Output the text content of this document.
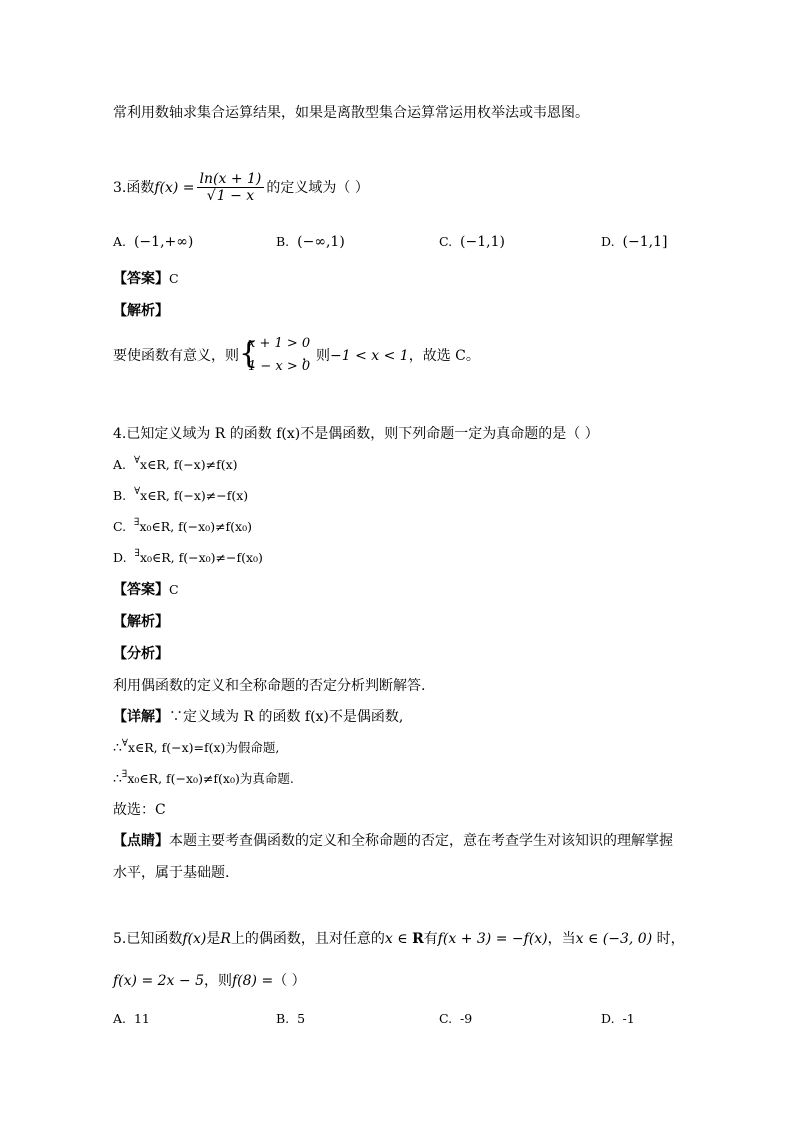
常利用数轴求集合运算结果，如果是离散型集合运算常运用枚举法或韦恩图。
3.函数$f(x) = \frac{\ln(x + 1)}{√1 - x}$ 的定义域为（ ）
A. (−1,+∞)	B. (−∞,1)	C. (−1,1)	D. (−1,1]
【答案】C
【解析】
要使函数有意义，则 {
x + 1 > 0
1 − x > 0
，则−1 < x < 1，故选 C。
4.已知定义域为 R 的函数 f(x)不是偶函数，则下列命题一定为真命题的是（ ）
A. ∀x∈R, f(−x)≠f(x)
B. ∀x∈R, f(−x)≠−f(x)
C. ∃x₀∈R, f(−x₀)≠f(x₀)
D. ∃x₀∈R, f(−x₀)≠−f(x₀)
【答案】C
【解析】
【分析】
利用偶函数的定义和全称命题的否定分析判断解答.
【详解】∵定义域为 R 的函数 f(x)不是偶函数,
∴∀x∈R, f(−x)=f(x)为假命题,
∴∃x₀∈R, f(−x₀)≠f(x₀)为真命题.
故选：C
【点睛】本题主要考查偶函数的定义和全称命题的否定，意在考查学生对该知识的理解掌握
水平，属于基础题.
5.已知函数f(x)是R上的偶函数，且对任意的x ∈ R有f(x + 3) = −f(x)，当x ∈ (−3, 0) 时，
f(x) = 2x − 5，则f(8) =（ ）
A. 11	B. 5	C. -9	D. -1
